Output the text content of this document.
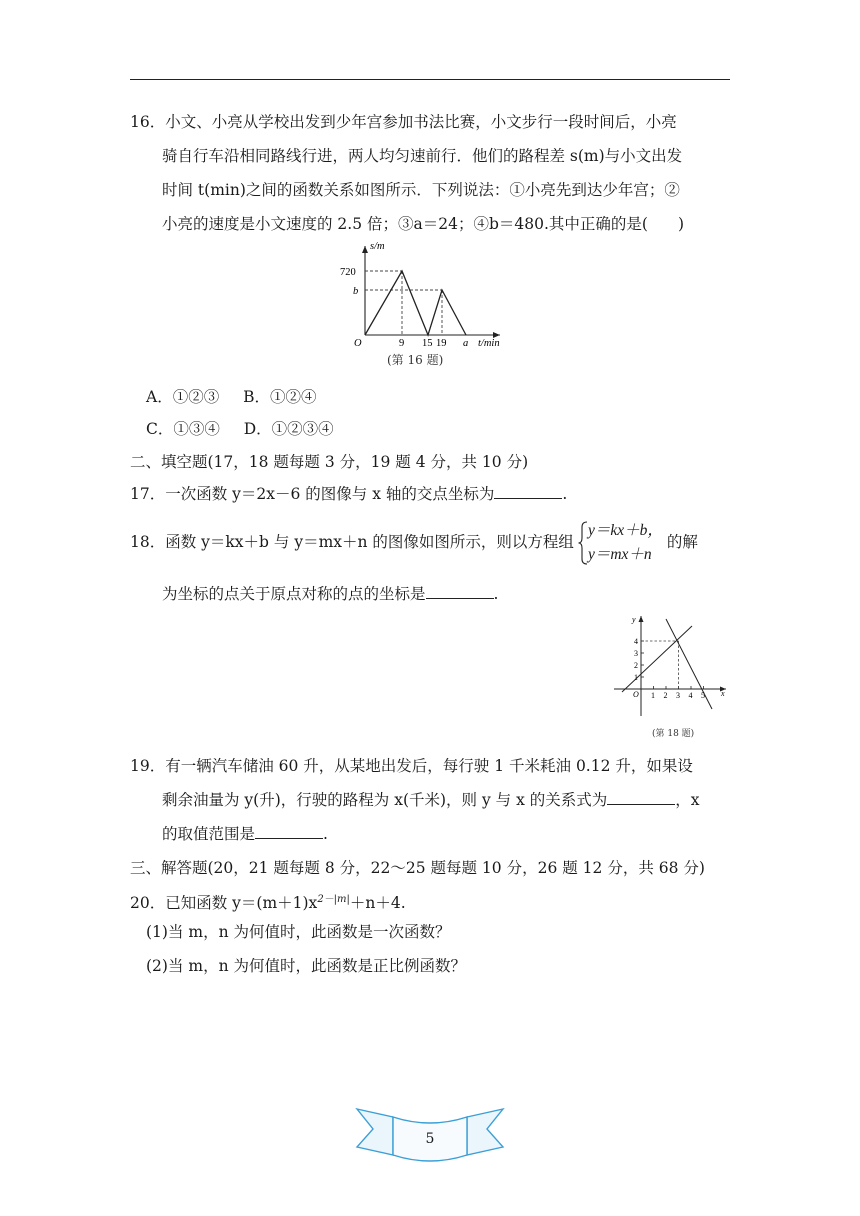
16．小文、小亮从学校出发到少年宫参加书法比赛，小文步行一段时间后，小亮
骑自行车沿相同路线行进，两人均匀速前行．他们的路程差 s(m)与小文出发
时间 t(min)之间的函数关系如图所示．下列说法：①小亮先到达少年宫；②
小亮的速度是小文速度的 2.5 倍；③a＝24；④b＝480.其中正确的是( )
s/m
720
b
O	9 15 19 a t/min
(第 16 题)
A．①②③ B．①②④
C．①③④ D．①②③④
二、填空题(17，18 题每题 3 分，19 题 4 分，共 10 分)
17．一次函数 y＝2x－6 的图像与 x 轴的交点坐标为	.
18．函数 y＝kx＋b 与 y＝mx＋n 的图像如图所示，则以方程组
y＝kx＋b，
y＝mx＋n
的解
为坐标的点关于原点对称的点的坐标是	.
y
x
O
1
2
3
4
1 2 3 4 5
(第 18 题)
19．有一辆汽车储油 60 升，从某地出发后，每行驶 1 千米耗油 0.12 升，如果设
剩余油量为 y(升)，行驶的路程为 x(千米)，则 y 与 x 的关系式为	，x
的取值范围是	.
三、解答题(20，21 题每题 8 分，22～25 题每题 10 分，26 题 12 分，共 68 分)
20．已知函数 $y=(m+1)x^{2-|m|}+n+4$.
(1)当 m，n 为何值时，此函数是一次函数？
(2)当 m，n 为何值时，此函数是正比例函数？
5
